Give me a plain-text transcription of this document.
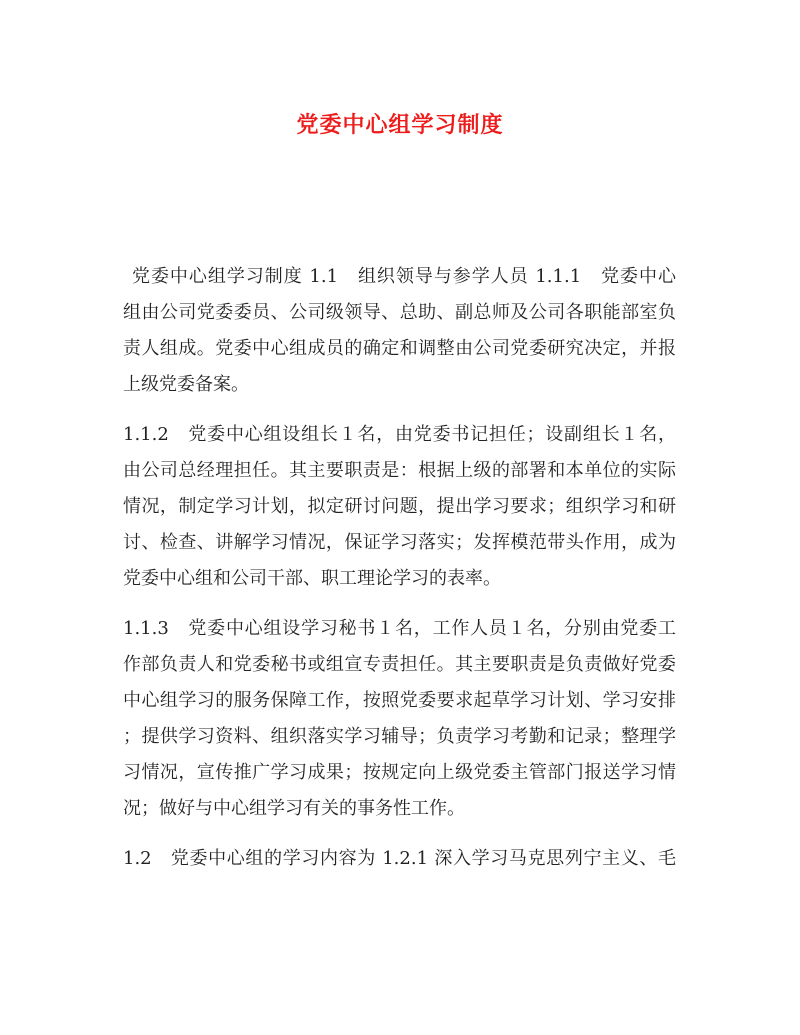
党委中心组学习制度
党委中心组学习制度 1.1　组织领导与参学人员 1.1.1　党委中心
组由公司党委委员、公司级领导、总助、副总师及公司各职能部室负
责人组成。党委中心组成员的确定和调整由公司党委研究决定，并报
上级党委备案。
1.1.2　党委中心组设组长１名，由党委书记担任；设副组长１名，
由公司总经理担任。其主要职责是：根据上级的部署和本单位的实际
情况，制定学习计划，拟定研讨问题，提出学习要求；组织学习和研
讨、检查、讲解学习情况，保证学习落实；发挥模范带头作用，成为
党委中心组和公司干部、职工理论学习的表率。
1.1.3　党委中心组设学习秘书１名，工作人员１名，分别由党委工
作部负责人和党委秘书或组宣专责担任。其主要职责是负责做好党委
中心组学习的服务保障工作，按照党委要求起草学习计划、学习安排
；提供学习资料、组织落实学习辅导；负责学习考勤和记录；整理学
习情况，宣传推广学习成果；按规定向上级党委主管部门报送学习情
况；做好与中心组学习有关的事务性工作。
1.2　党委中心组的学习内容为 1.2.1 深入学习马克思列宁主义、毛
